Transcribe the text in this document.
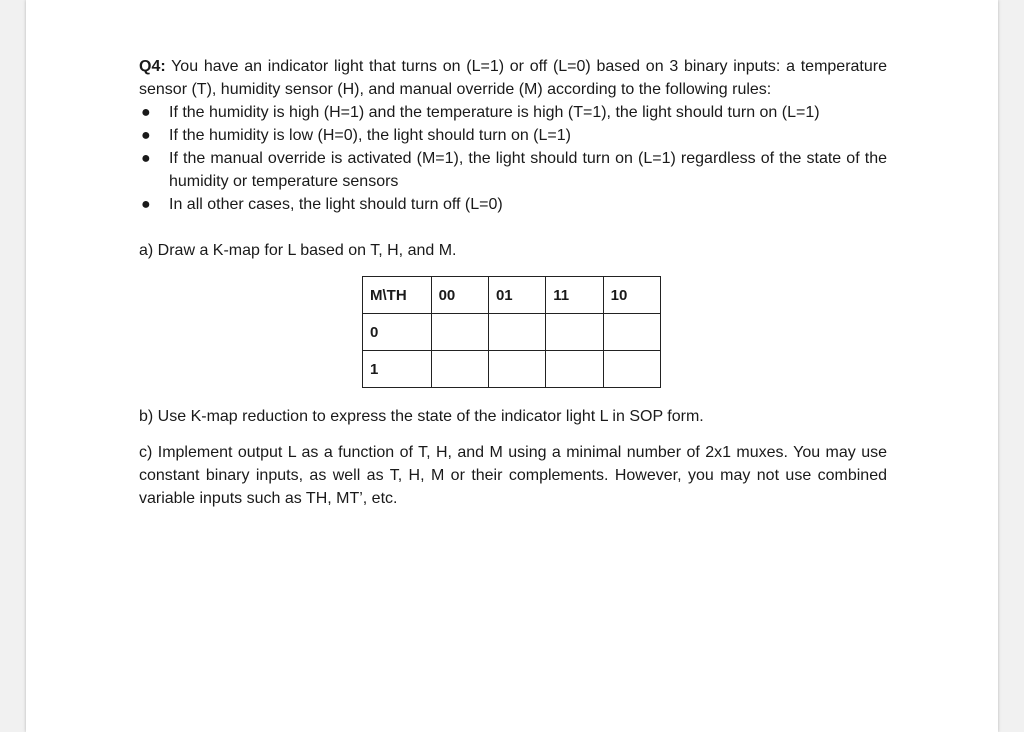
Q4: You have an indicator light that turns on (L=1) or off (L=0) based on 3 binary inputs: a temperature sensor (T), humidity sensor (H), and manual override (M) according to the following rules:

● If the humidity is high (H=1) and the temperature is high (T=1), the light should turn on (L=1)
● If the humidity is low (H=0), the light should turn on (L=1)
● If the manual override is activated (M=1), the light should turn on (L=1) regardless of the state of the humidity or temperature sensors
● In all other cases, the light should turn off (L=0)

a) Draw a K-map for L based on T, H, and M.

M\TH	00	01	11	10
0				
1				

b) Use K-map reduction to express the state of the indicator light L in SOP form.

c) Implement output L as a function of T, H, and M using a minimal number of 2x1 muxes. You may use constant binary inputs, as well as T, H, M or their complements. However, you may not use combined variable inputs such as TH, MT’, etc.
